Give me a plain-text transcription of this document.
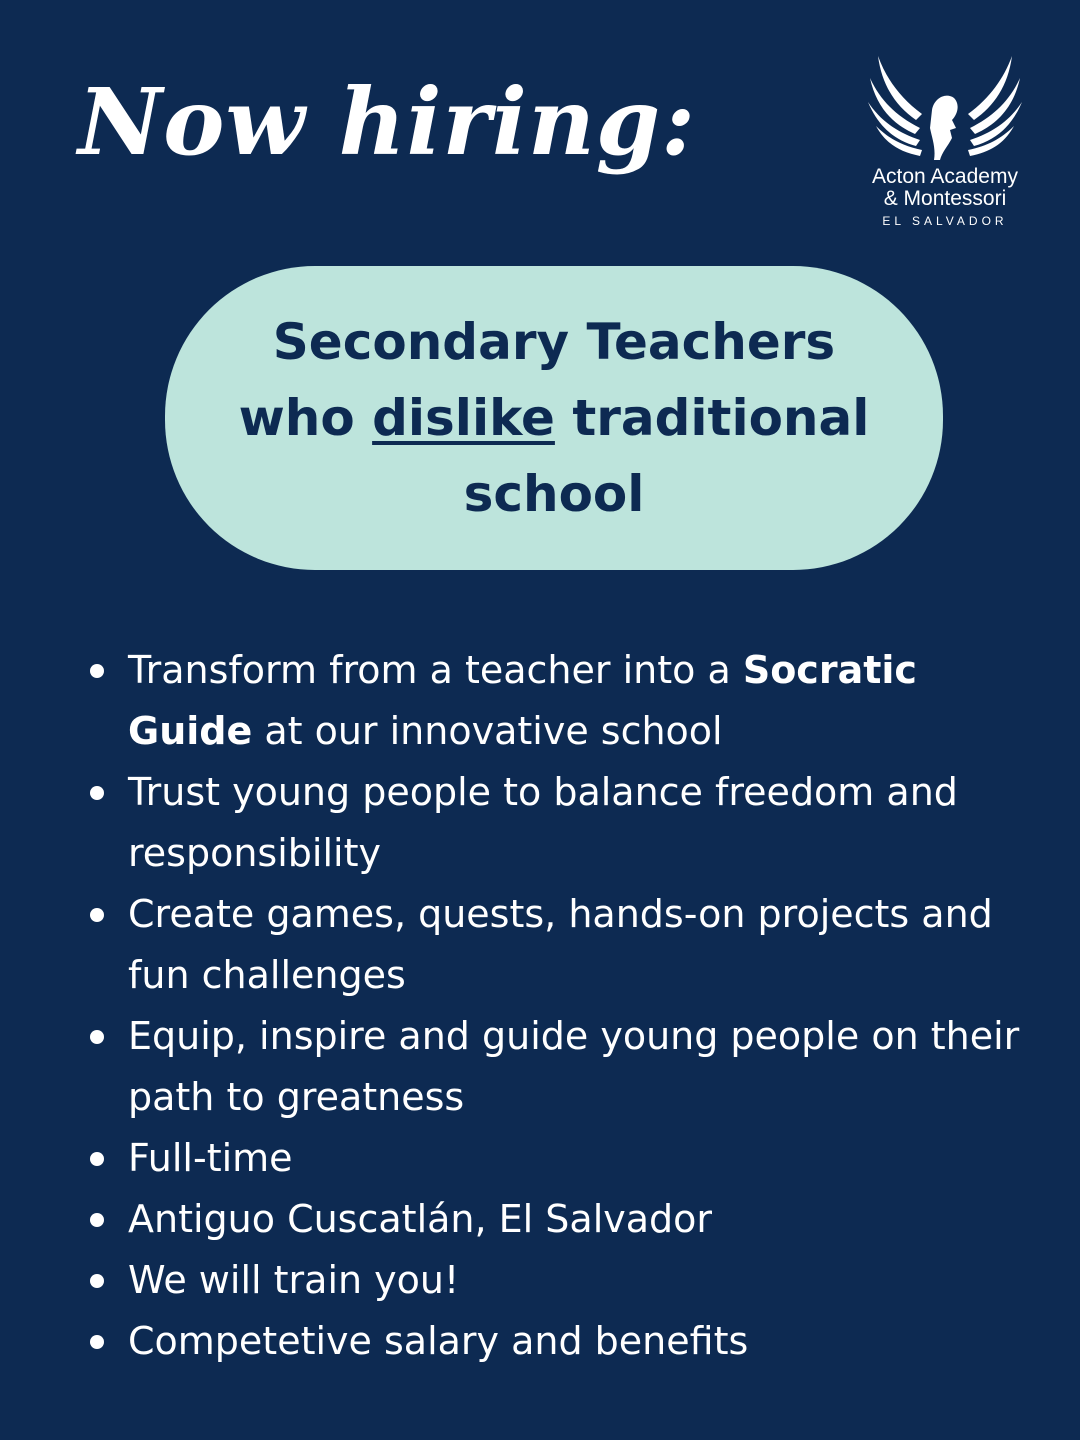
Now hiring:
Acton Academy
& Montessori
EL SALVADOR
Secondary Teachers
who dislike traditional
school
Transform from a teacher into a Socratic Guide at our innovative school
Trust young people to balance freedom and responsibility
Create games, quests, hands-on projects and fun challenges
Equip, inspire and guide young people on their path to greatness
Full-time
Antiguo Cuscatlán, El Salvador
We will train you!
Competetive salary and benefits
